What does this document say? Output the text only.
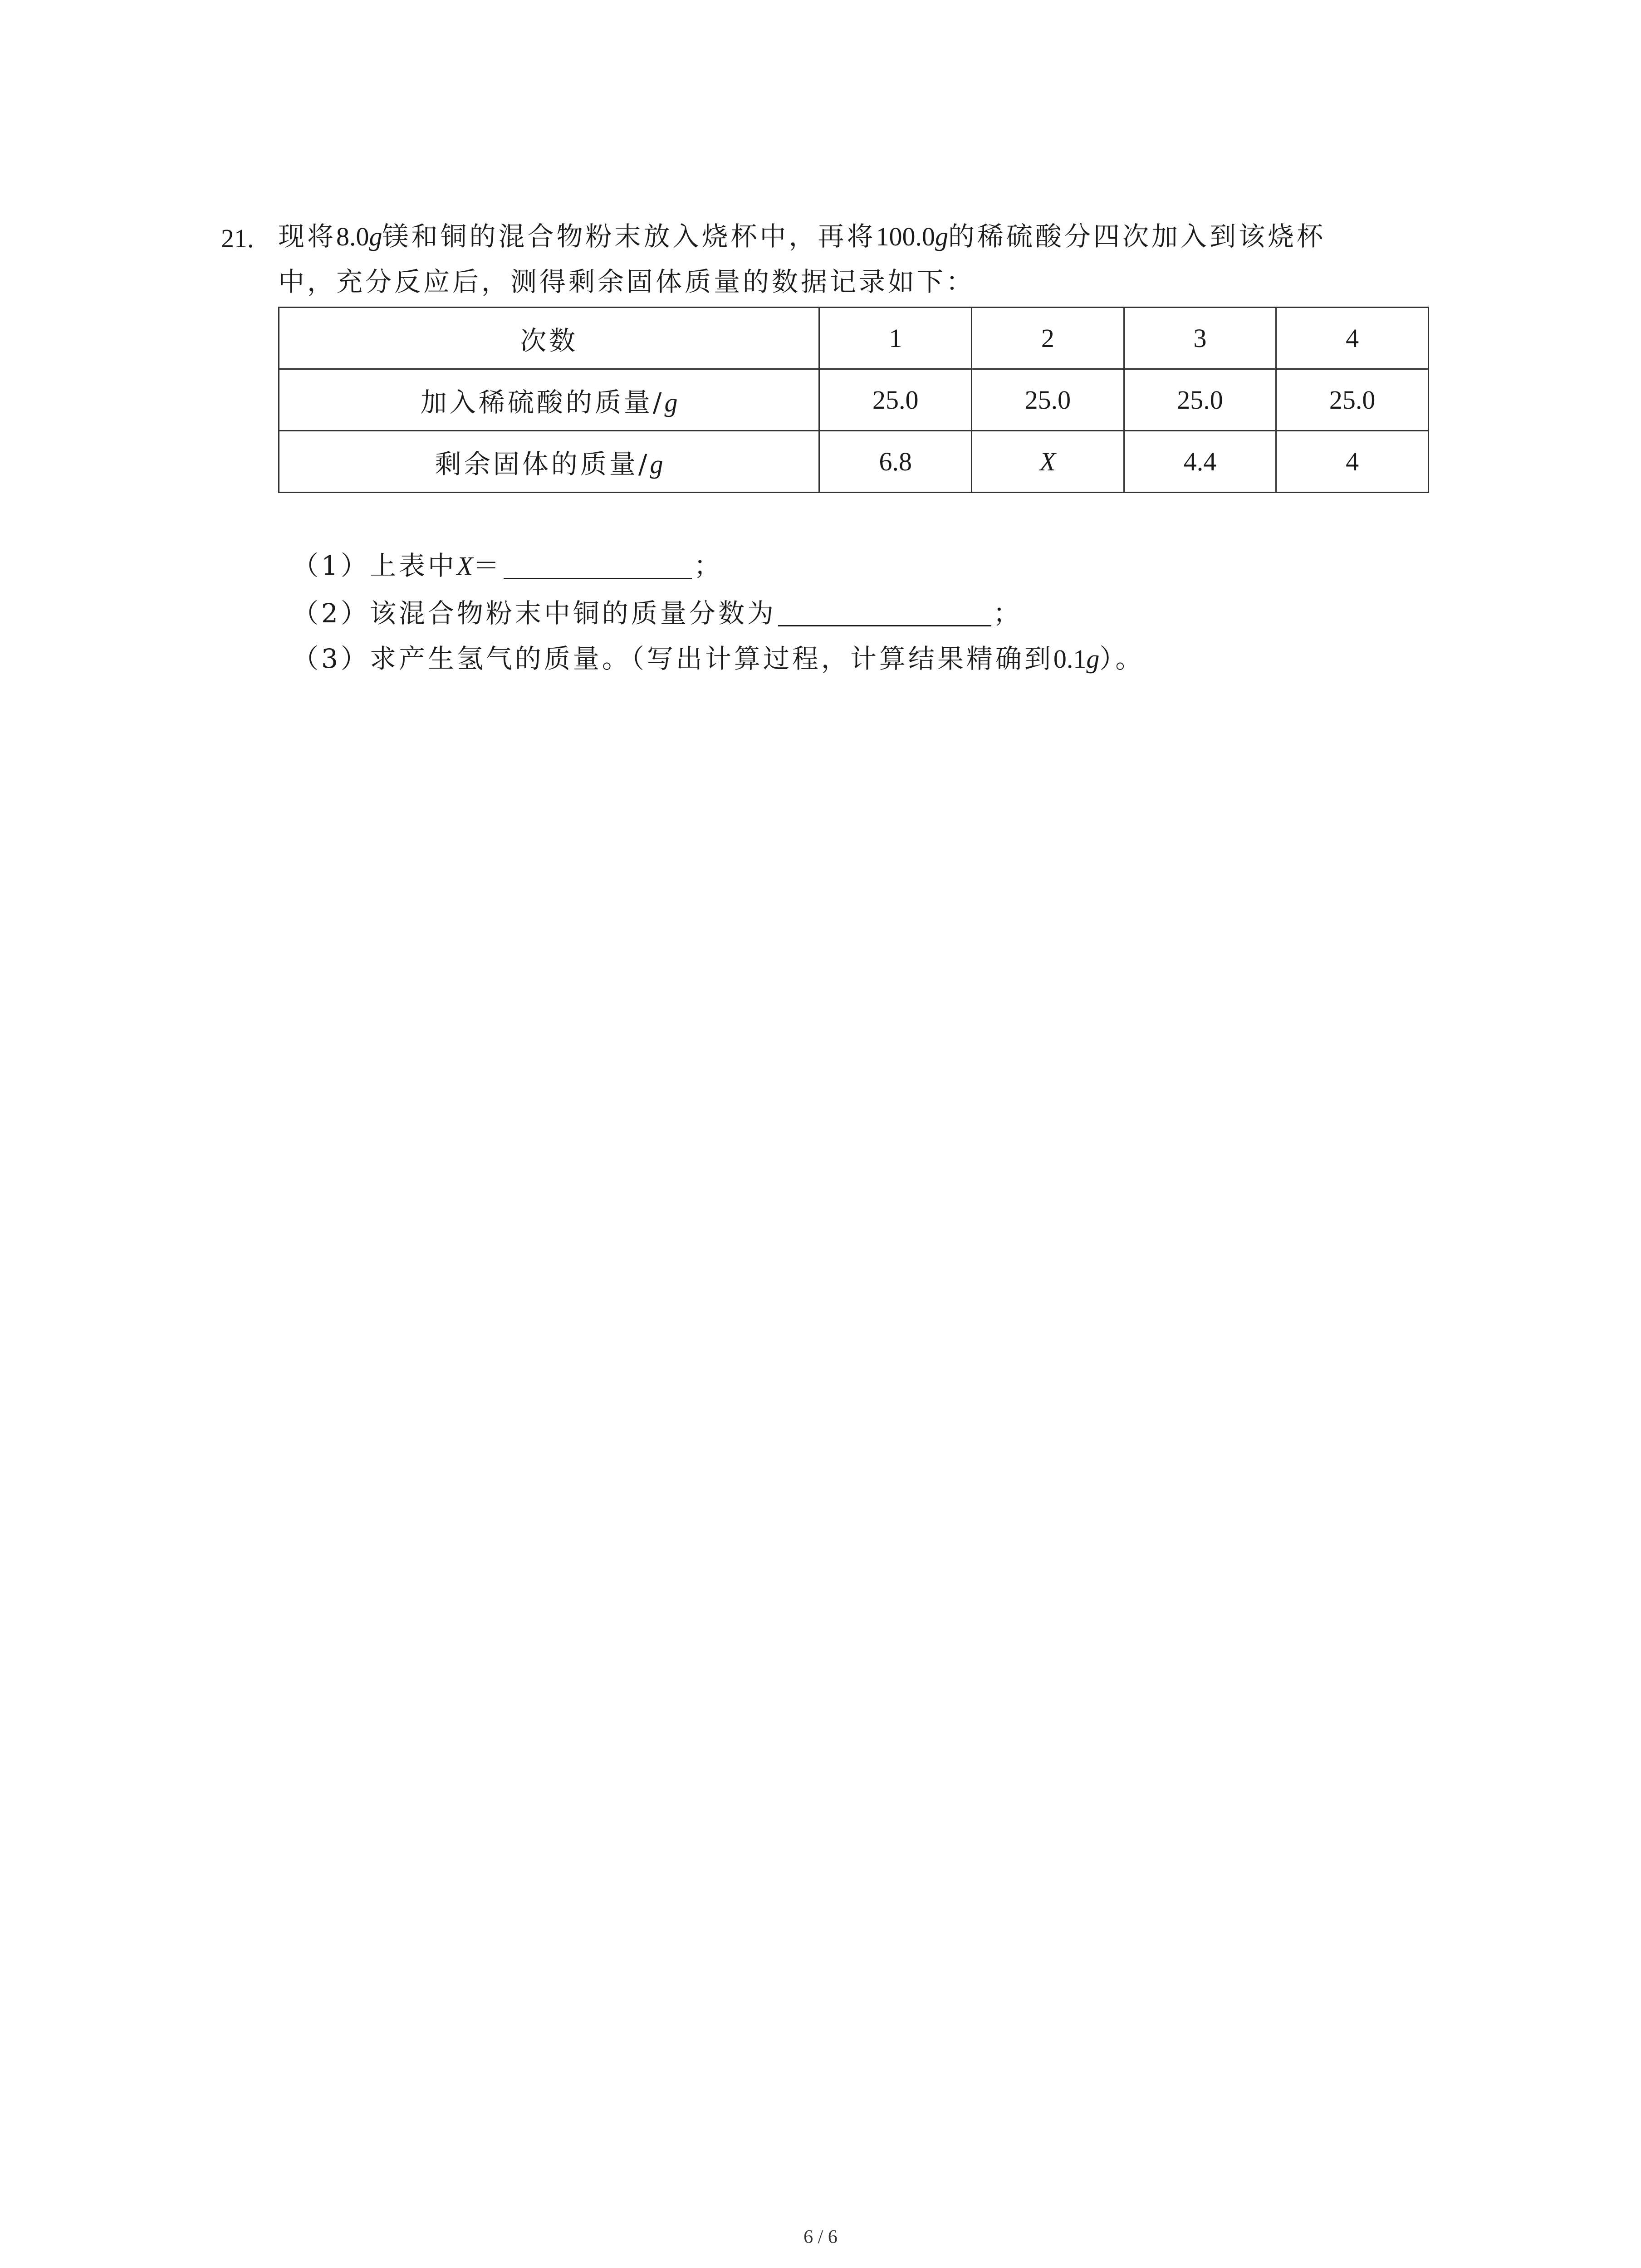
21. 现将8.0g镁和铜的混合物粉末放入烧杯中，再将100.0g的稀硫酸分四次加入到该烧杯
中，充分反应后，测得剩余固体质量的数据记录如下：
次数	1	2	3	4
加入稀硫酸的质量/g	25.0	25.0	25.0	25.0
剩余固体的质量/g	6.8	X	4.4	4
（1）上表中X＝	；
（2）该混合物粉末中铜的质量分数为	；
（3）求产生氢气的质量。（写出计算过程，计算结果精确到0.1g）。
6 / 6
